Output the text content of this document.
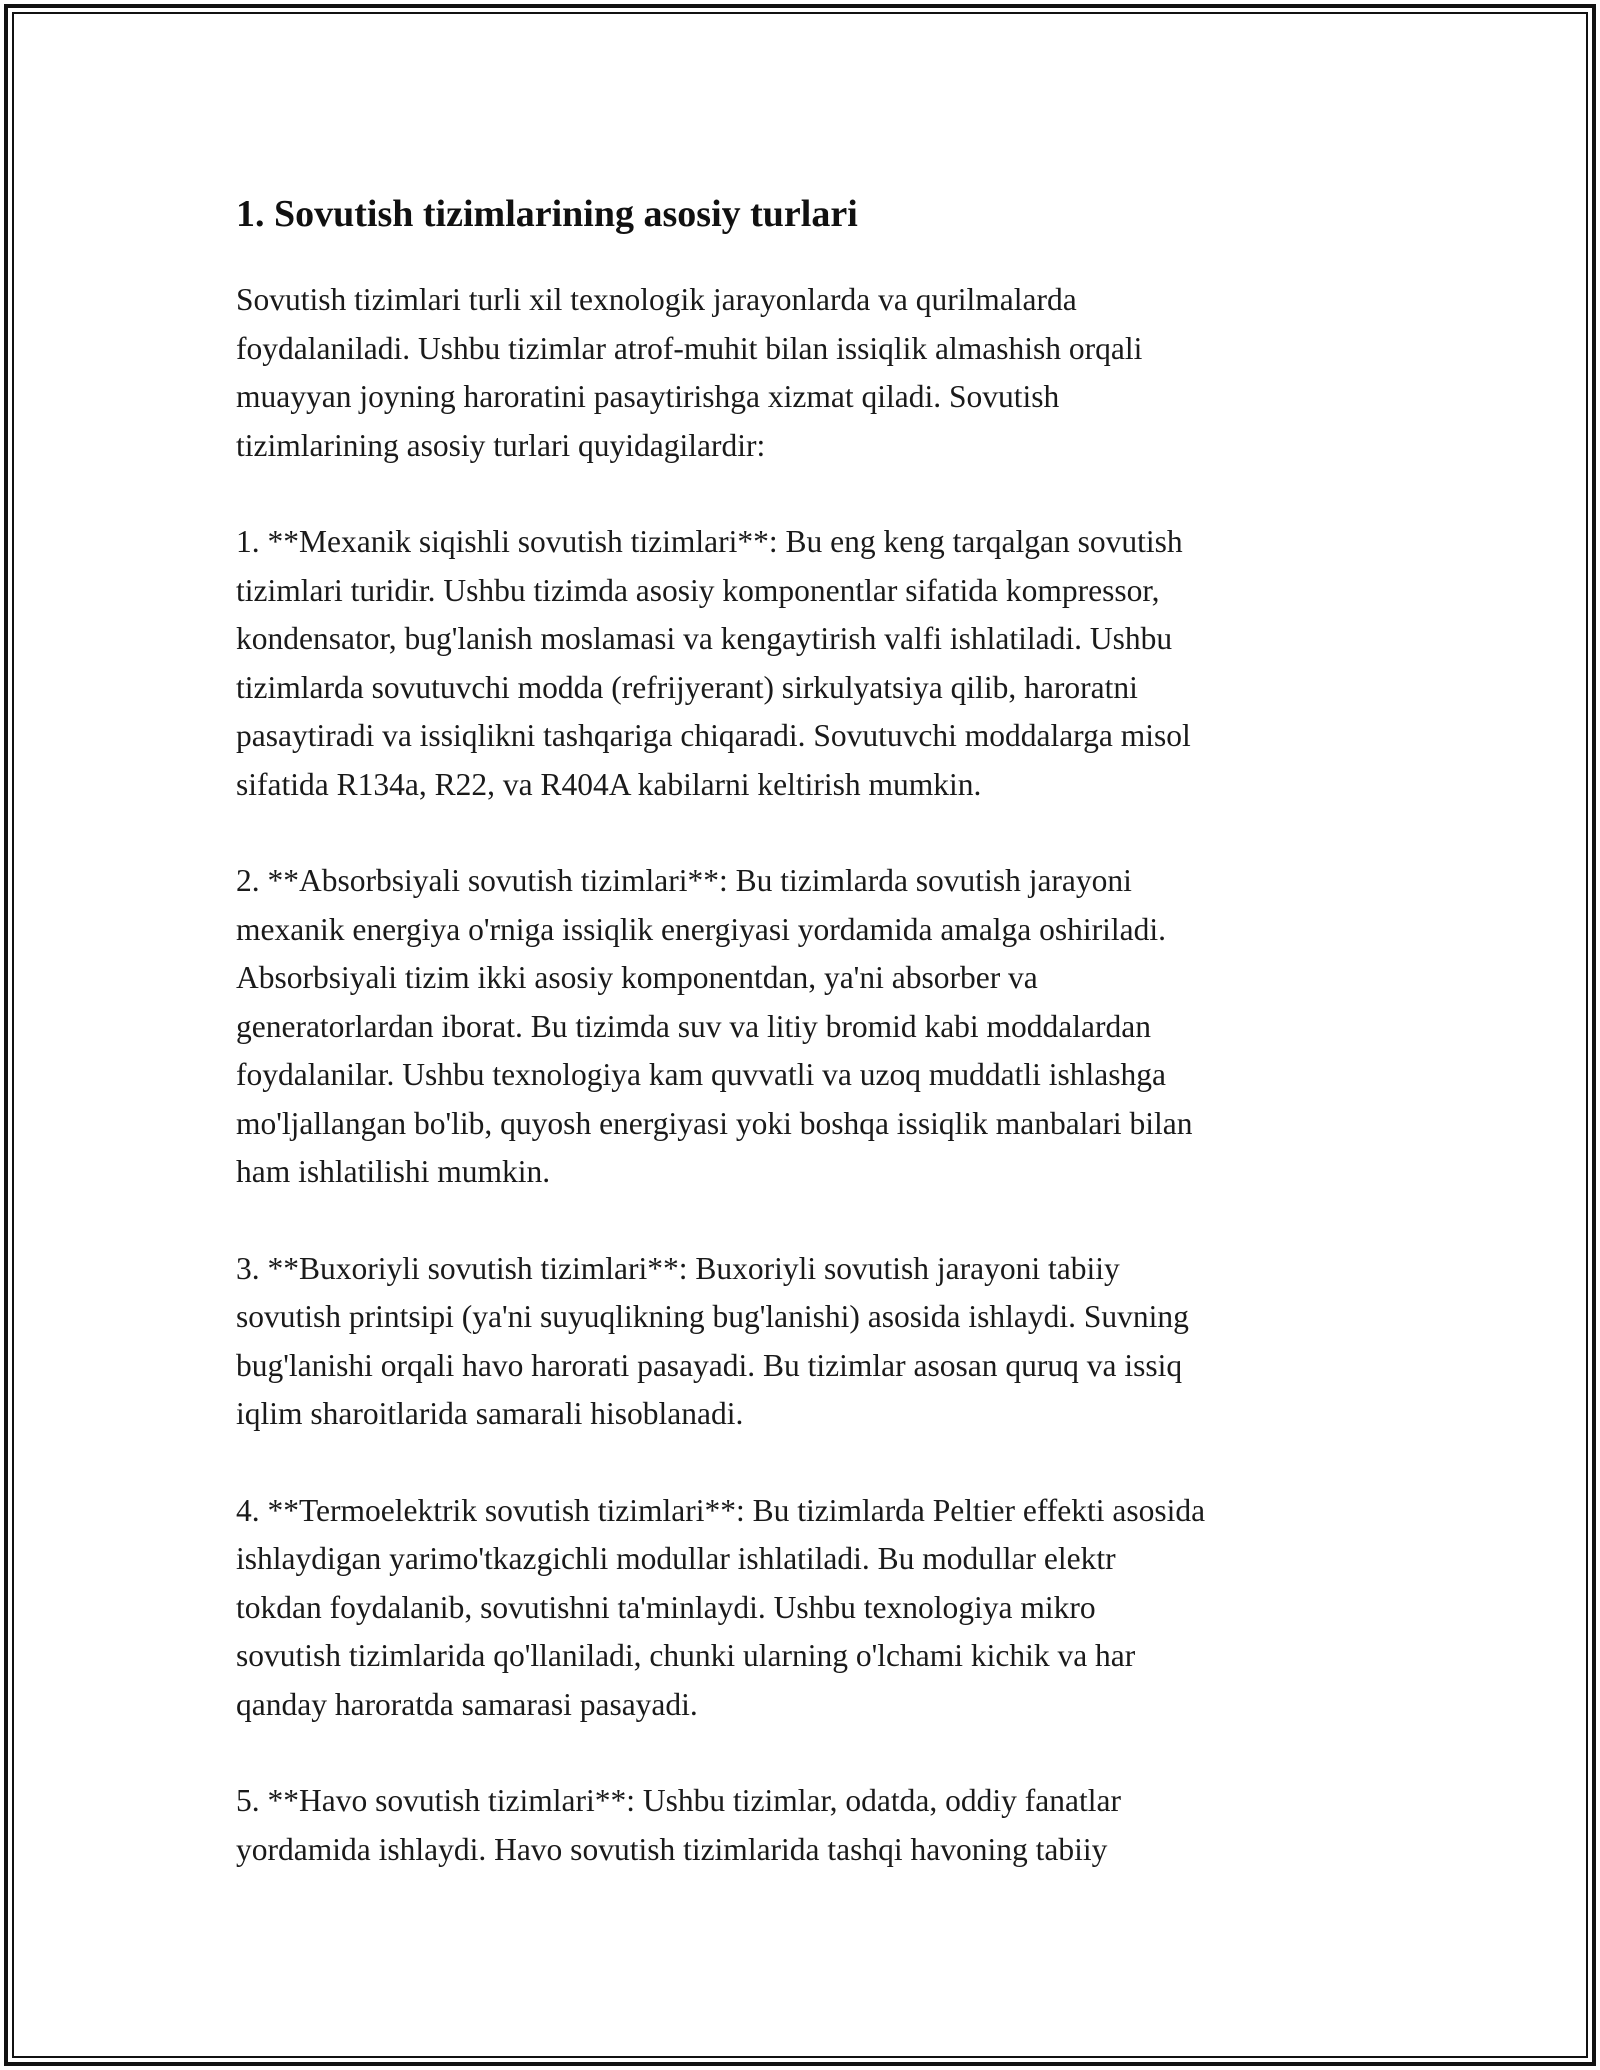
1. Sovutish tizimlarining asosiy turlari

Sovutish tizimlari turli xil texnologik jarayonlarda va qurilmalarda
foydalaniladi. Ushbu tizimlar atrof-muhit bilan issiqlik almashish orqali
muayyan joyning haroratini pasaytirishga xizmat qiladi. Sovutish
tizimlarining asosiy turlari quyidagilardir:

1. **Mexanik siqishli sovutish tizimlari**: Bu eng keng tarqalgan sovutish
tizimlari turidir. Ushbu tizimda asosiy komponentlar sifatida kompressor,
kondensator, bug'lanish moslamasi va kengaytirish valfi ishlatiladi. Ushbu
tizimlarda sovutuvchi modda (refrijyerant) sirkulyatsiya qilib, haroratni
pasaytiradi va issiqlikni tashqariga chiqaradi. Sovutuvchi moddalarga misol
sifatida R134a, R22, va R404A kabilarni keltirish mumkin.

2. **Absorbsiyali sovutish tizimlari**: Bu tizimlarda sovutish jarayoni
mexanik energiya o'rniga issiqlik energiyasi yordamida amalga oshiriladi.
Absorbsiyali tizim ikki asosiy komponentdan, ya'ni absorber va
generatorlardan iborat. Bu tizimda suv va litiy bromid kabi moddalardan
foydalanilar. Ushbu texnologiya kam quvvatli va uzoq muddatli ishlashga
mo'ljallangan bo'lib, quyosh energiyasi yoki boshqa issiqlik manbalari bilan
ham ishlatilishi mumkin.

3. **Buxoriyli sovutish tizimlari**: Buxoriyli sovutish jarayoni tabiiy
sovutish printsipi (ya'ni suyuqlikning bug'lanishi) asosida ishlaydi. Suvning
bug'lanishi orqali havo harorati pasayadi. Bu tizimlar asosan quruq va issiq
iqlim sharoitlarida samarali hisoblanadi.

4. **Termoelektrik sovutish tizimlari**: Bu tizimlarda Peltier effekti asosida
ishlaydigan yarimo'tkazgichli modullar ishlatiladi. Bu modullar elektr
tokdan foydalanib, sovutishni ta'minlaydi. Ushbu texnologiya mikro
sovutish tizimlarida qo'llaniladi, chunki ularning o'lchami kichik va har
qanday haroratda samarasi pasayadi.

5. **Havo sovutish tizimlari**: Ushbu tizimlar, odatda, oddiy fanatlar
yordamida ishlaydi. Havo sovutish tizimlarida tashqi havoning tabiiy
